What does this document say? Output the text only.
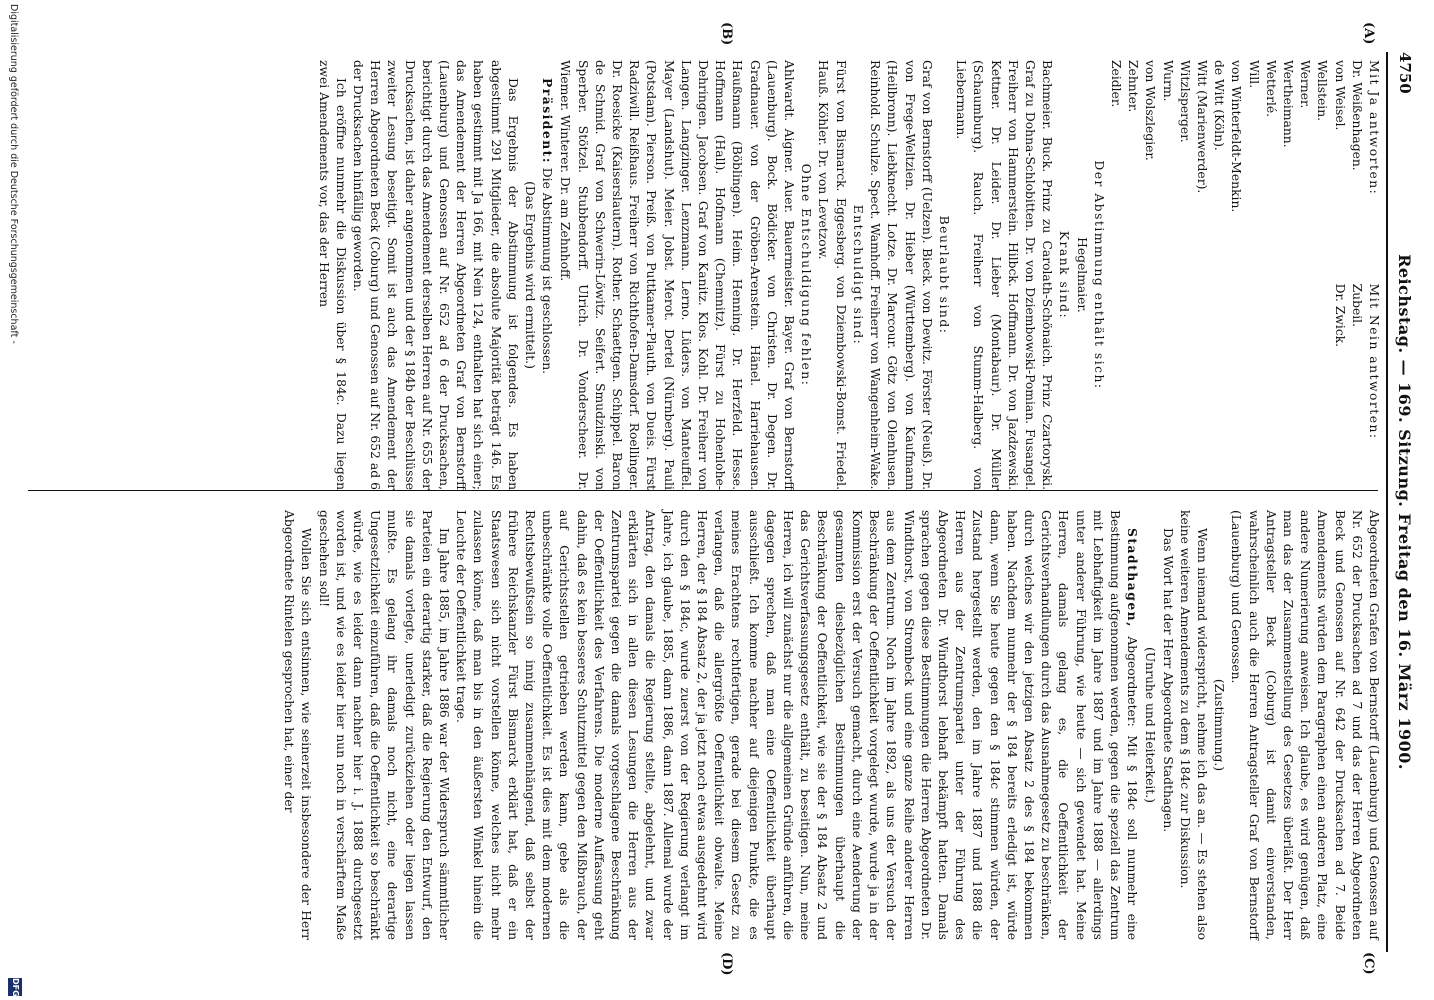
4750
Reichstag. — 169. Sitzung. Freitag den 16. März 1900.
(A)
(B)
(C)
(D)
Mit Ja antworten:
Mit Nein antworten:
Dr. Weißenhagen.
von Weisel.
Wellstein.
Werner.
Wertheimann.
Wetterlé.
Will.
von Winterfeldt-Menkin.
de Witt (Köln).
Witt (Marienwerder).
Witzlsperger.
Wurm.
von Wolszlegier.
Zehnter.
Zeidler.
Zubeil.
Dr. Zwick.

Der Abstimmung enthält sich:

Hegelmaier.

Krank sind:

Bachmeier. Buck. Prinz zu Carolath-Schönaich. Prinz Czartoryski. Graf zu Dohna-Schlobitten. Dr. von Dziembowski-Pomian. Fusangel. Freiherr von Hammerstein. Hilbck. Hoffmann. Dr. von Jazdzewski. Kettner. Dr. Leider. Dr. Lieber (Montabaur). Dr. Müller (Schaumburg). Rauch. Freiherr von Stumm-Halberg. von Liebermann.

Beurlaubt sind:

Graf von Bernstorff (Uelzen). Bieck. von Dewitz. Förster (Neuß). Dr. von Frege-Weltzien. Dr. Hieber (Württemberg). von Kaufmann (Heilbronn). Liebknecht. Lotze. Dr. Marcour. Götz von Olenhusen. Reinhold. Schulze. Spect. Wamhoff. Freiherr von Wangenheim-Wake.

Entschuldigt sind:

Fürst von Bismarck. Eggesberg. von Dziembowski-Bomst. Friedel. Hauß. Köhler. Dr. von Levetzow.

Ohne Entschuldigung fehlen:

Ahlwardt. Aigner. Auer. Bauermeister. Bayer. Graf von Bernstorff (Lauenburg). Bock. Bödicker. von Christen. Dr. Degen. Dr. Gradnauer. von der Gröben-Arenstein. Hänel. Harriehausen. Haußmann (Böblingen). Heim. Henning. Dr. Herzfeld. Hesse. Hoffmann (Hall). Hofmann (Chemnitz). Fürst zu Hohenlohe-Dehringen. Jacobsen. Graf von Kanitz. Klos. Kohl. Dr. Freiherr von Langen. Langzinger. Lenzmann. Lerno. Lüders. von Manteuffel. Mayer (Landshut). Meier. Jobst. Merot. Dertel (Nürnberg). Pauli (Potsdam). Pierson. Preiß. von Puttkamer-Plauth. von Dueis. Fürst Radziwill. Reißhaus. Freiherr von Richthofen-Damsdorf. Roellinger. Dr. Roesicke (Kaiserslautern). Rother. Schaettgen. Schippel. Baron de Schmid. Graf von Schwerin-Löwitz. Seifert. Smudzinski. von Sperber. Stötzel. Stubbendorff. Ulrich. Dr. Vonderscheer. Dr. Wiemer. Winterer. Dr. am Zehnhoff.

Präsident: Die Abstimmung ist geschlossen.

(Das Ergebnis wird ermittelt.)

Das Ergebnis der Abstimmung ist folgendes. Es haben abgestimmt 291 Mitglieder, die absolute Majorität beträgt 146. Es haben gestimmt mit Ja 166, mit Nein 124, enthalten hat sich einer; das Amendement der Herren Abgeordneten Graf von Bernstorff (Lauenburg) und Genossen auf Nr. 652 ad 6 der Drucksachen, berichtigt durch das Amendement derselben Herren auf Nr. 655 der Drucksachen, ist daher angenommen und der § 184b der Beschlüsse zweiter Lesung beseitigt. Somit ist auch das Amendement der Herren Abgeordneten Beck (Coburg) und Genossen auf Nr. 652 ad 6 der Drucksachen hinfällig geworden.

Ich eröffne nunmehr die Diskussion über § 184c. Dazu liegen zwei Amendements vor, das der Herren

Abgeordneten Grafen von Bernstorff (Lauenburg) und Genossen auf Nr. 652 der Drucksachen ad 7 und das der Herren Abgeordneten Beck und Genossen auf Nr. 642 der Drucksachen ad 7. Beide Amendements würden dem Paragraphen einen anderen Platz, eine andere Numerierung anweisen. Ich glaube, es wird genügen, daß man das der Zusammenstellung des Gesetzes überläßt. Der Herr Antragsteller Beck (Coburg) ist damit einverstanden, wahrscheinlich auch die Herren Antragsteller Graf von Bernstorff (Lauenburg) und Genossen.

(Zustimmung.)

Wenn niemand widerspricht, nehme ich das an. — Es stehen also keine weiteren Amendements zu dem § 184c zur Diskussion.

Das Wort hat der Herr Abgeordnete Stadthagen.

(Unruhe und Heiterkeit.)

Stadthagen, Abgeordneter: Mit § 184c soll nunmehr eine Bestimmung aufgenommen werden, gegen die speziell das Zentrum mit Lebhaftigkeit im Jahre 1887 und im Jahre 1888 — allerdings unter anderer Führung, wie heute — sich gewendet hat. Meine Herren, damals gelang es, die Oeffentlichkeit der Gerichtsverhandlungen durch das Ausnahmegesetz zu beschränken, durch welches wir den jetzigen Absatz 2 des § 184 bekommen haben. Nachdem nunmehr der § 184 bereits erledigt ist, würde dann, wenn Sie heute gegen den § 184c stimmen würden, der Zustand hergestellt werden, den im Jahre 1887 und 1888 die Herren aus der Zentrumspartei unter der Führung des Abgeordneten Dr. Windthorst lebhaft bekämpft hatten. Damals sprachen gegen diese Bestimmungen die Herren Abgeordneten Dr. Windthorst, von Strombeck und eine ganze Reihe anderer Herren aus dem Zentrum. Noch im Jahre 1892, als uns der Versuch der Beschränkung der Oeffentlichkeit vorgelegt wurde, wurde ja in der Kommission erst der Versuch gemacht, durch eine Aenderung der gesammten diesbezüglichen Bestimmungen überhaupt die Beschränkung der Oeffentlichkeit, wie sie der § 184 Absatz 2 und das Gerichtsverfassungsgesetz enthält, zu beseitigen. Nun, meine Herren, ich will zunächst nur die allgemeinen Gründe anführen, die dagegen sprechen, daß man eine Oeffentlichkeit überhaupt ausschließt. Ich komme nachher auf diejenigen Punkte, die es meines Erachtens rechtfertigen, gerade bei diesem Gesetz zu verlangen, daß die allergrößte Oeffentlichkeit obwalte. Meine Herren, der § 184 Absatz 2, der ja jetzt noch etwas ausgedehnt wird durch den § 184c, wurde zuerst von der Regierung verlangt im Jahre, ich glaube, 1885, dann 1886, dann 1887. Allemal wurde der Antrag, den damals die Regierung stellte, abgelehnt, und zwar erklärten sich in allen diesen Lesungen die Herren aus der Zentrumspartei gegen die damals vorgeschlagene Beschränkung der Oeffentlichkeit des Verfahrens. Die moderne Auffassung geht dahin, daß es kein besseres Schutzmittel gegen den Mißbrauch, der auf Gerichtsstellen getrieben werden kann, gebe als die unbeschränkte volle Oeffentlichkeit. Es ist dies mit dem modernen Rechtsbewußtsein so innig zusammenhängend, daß selbst der frühere Reichskanzler Fürst Bismarck erklärt hat, daß er ein Staatswesen sich nicht vorstellen könne, welches nicht mehr zulassen könne, daß man bis in den äußersten Winkel hinein die Leuchte der Oeffentlichkeit trage.

Im Jahre 1885, im Jahre 1886 war der Widerspruch sämmtlicher Parteien ein derartig starker, daß die Regierung den Entwurf, den sie damals vorlegte, unerledigt zurückziehen oder liegen lassen mußte. Es gelang ihr damals noch nicht, eine derartige Ungesetzlichkeit einzuführen, daß die Oeffentlichkeit so beschränkt würde, wie es leider dann nachher hier i. J. 1888 durchgesetzt worden ist, und wie es leider hier nun noch in verschärftem Maße geschehen soll!

Wollen Sie sich entsinnen, wie seinerzeit insbesondere der Herr Abgeordnete Rintelen gesprochen hat, einer der

Digitalisierung gefördert durch die Deutsche Forschungsgemeinschaft -
DFG
